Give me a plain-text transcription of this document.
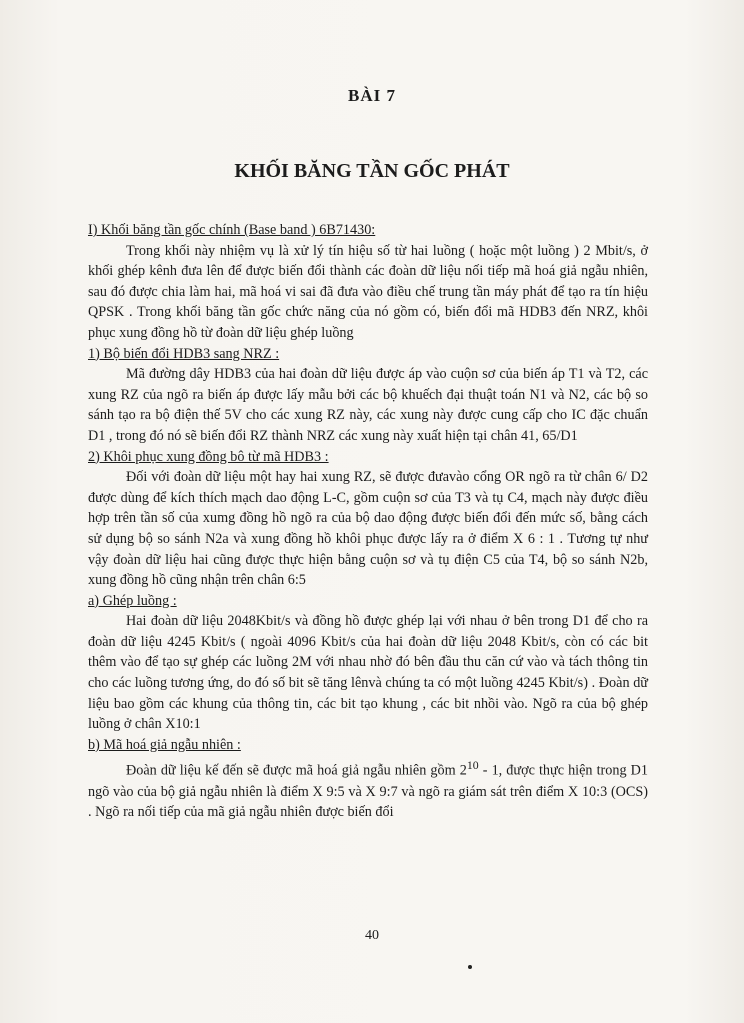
BÀI 7
KHỐI BĂNG TẦN GỐC PHÁT

I) Khối băng tần gốc chính (Base band ) 6B71430:

Trong khối này nhiệm vụ là xử lý tín hiệu số từ hai luồng ( hoặc một luồng ) 2 Mbit/s, ở khối ghép kênh đưa lên để được biến đổi thành các đoàn dữ liệu nối tiếp mã hoá giả ngẫu nhiên, sau đó được chia làm hai, mã hoá vi sai đã đưa vào điều chế trung tần máy phát để tạo ra tín hiệu QPSK . Trong khối băng tần gốc chức năng của nó gồm có, biến đổi mã HDB3 đến NRZ, khôi phục xung đồng hồ từ đoàn dữ liệu ghép luồng

1) Bộ biến đổi HDB3 sang NRZ :

Mã đường dây HDB3 của hai đoàn dữ liệu được áp vào cuộn sơ của biến áp T1 và T2, các xung RZ của ngõ ra biến áp được lấy mẫu bởi các bộ khuếch đại thuật toán N1 và N2, các bộ so sánh tạo ra bộ điện thế 5V cho các xung RZ này, các xung này được cung cấp cho IC đặc chuẩn D1 , trong đó nó sẽ biến đổi RZ thành NRZ các xung này xuất hiện tại chân 41, 65/D1

2) Khôi phục xung đồng bô từ mã HDB3 :

Đối với đoàn dữ liệu một hay hai xung RZ, sẽ được đưavào cổng OR ngõ ra từ chân 6/ D2 được dùng để kích thích mạch dao động L-C, gồm cuộn sơ của T3 và tụ C4, mạch này được điều hợp trên tần số của xumg đồng hồ ngõ ra của bộ dao động được biến đổi đến mức số, bằng cách sử dụng bộ so sánh N2a và xung đồng hồ khôi phục được lấy ra ở điểm X 6 : 1 . Tương tự như vậy đoàn dữ liệu hai cũng được thực hiện bằng cuộn sơ và tụ điện C5 của T4, bộ so sánh N2b, xung đồng hồ cũng nhận trên chân 6:5

a) Ghép luồng :

Hai đoàn dữ liệu 2048Kbit/s và đồng hồ được ghép lại với nhau ở bên trong D1 để cho ra đoàn dữ liệu 4245 Kbit/s ( ngoài 4096 Kbit/s của hai đoàn dữ liệu 2048 Kbit/s, còn có các bit thêm vào để tạo sự ghép các luồng 2M với nhau nhờ đó bên đầu thu căn cứ vào và tách thông tin cho các luồng tương ứng, do đó số bit sẽ tăng lênvà chúng ta có một luồng 4245 Kbit/s) . Đoàn dữ liệu bao gồm các khung của thông tin, các bit tạo khung , các bit nhồi vào. Ngõ ra của bộ ghép luồng ở chân X10:1

b) Mã hoá giả ngẫu nhiên :

Đoàn dữ liệu kế đến sẽ được mã hoá giả ngẫu nhiên gồm $2^{10} - 1$, được thực hiện trong D1 ngõ vào của bộ giả ngẫu nhiên là điểm X 9:5 và X 9:7 và ngõ ra giám sát trên điểm X 10:3 (OCS) . Ngõ ra nối tiếp của mã giả ngẫu nhiên được biến đổi

40
